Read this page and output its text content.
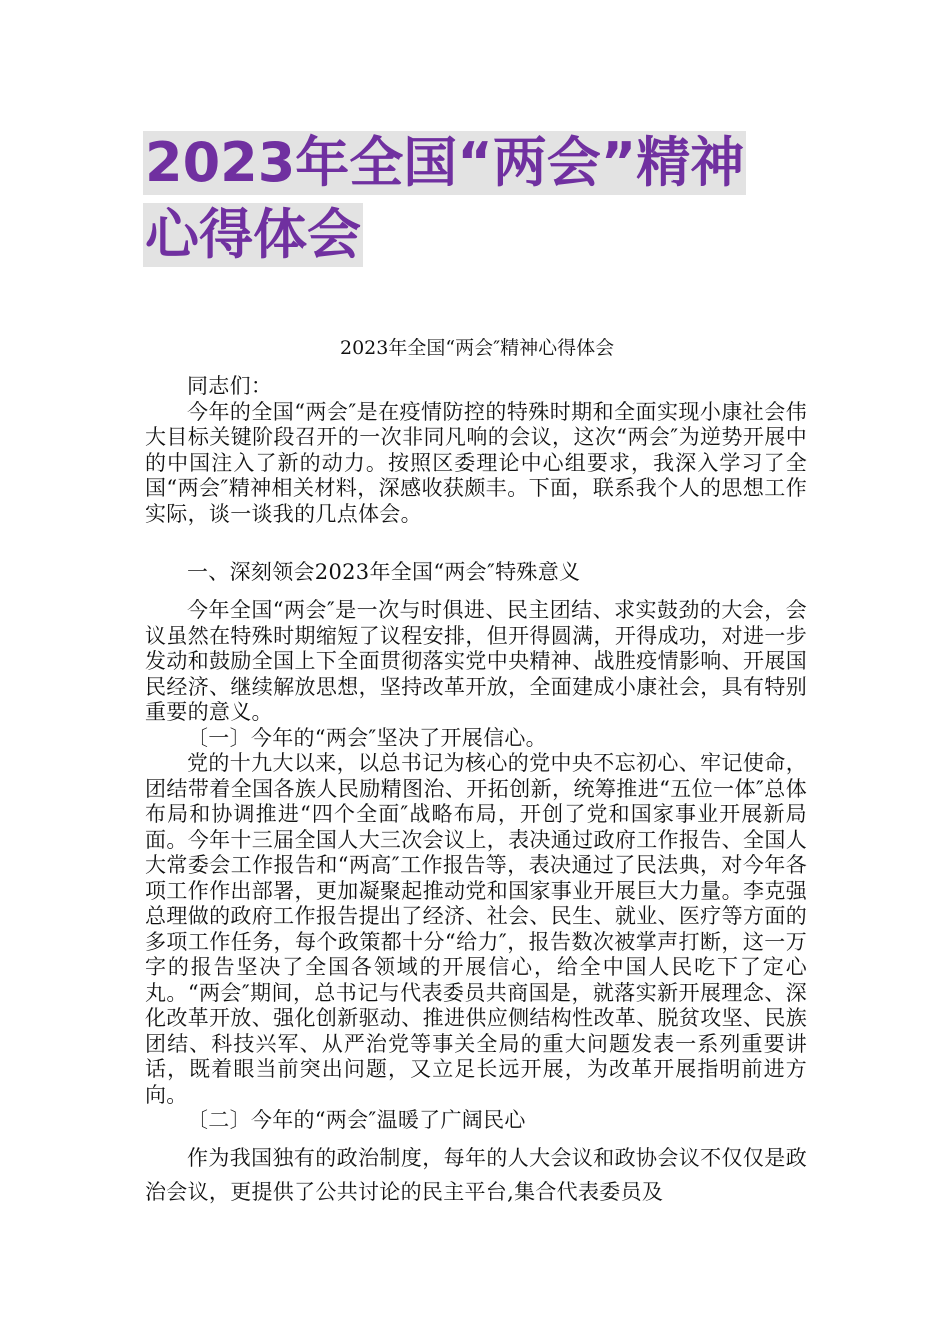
2023年全国“两会”精神
心得体会
2023年全国“两会″精神心得体会

同志们：

今年的全国“两会″是在疫情防控的特殊时期和全面实现小康社会伟大目标关键阶段召开的一次非同凡响的会议，这次“两会″为逆势开展中的中国注入了新的动力。按照区委理论中心组要求，我深入学习了全国“两会″精神相关材料，深感收获颇丰。下面，联系我个人的思想工作实际，谈一谈我的几点体会。

一、深刻领会2023年全国“两会″特殊意义

今年全国“两会″是一次与时俱进、民主团结、求实鼓劲的大会，会议虽然在特殊时期缩短了议程安排，但开得圆满，开得成功，对进一步发动和鼓励全国上下全面贯彻落实党中央精神、战胜疫情影响、开展国民经济、继续解放思想，坚持改革开放，全面建成小康社会，具有特别重要的意义。

〔一〕今年的“两会″坚决了开展信心。

党的十九大以来，以总书记为核心的党中央不忘初心、牢记使命，团结带着全国各族人民励精图治、开拓创新，统筹推进“五位一体″总体布局和协调推进“四个全面″战略布局，开创了党和国家事业开展新局面。今年十三届全国人大三次会议上，表决通过政府工作报告、全国人大常委会工作报告和“两高″工作报告等，表决通过了民法典，对今年各项工作作出部署，更加凝聚起推动党和国家事业开展巨大力量。李克强总理做的政府工作报告提出了经济、社会、民生、就业、医疗等方面的多项工作任务，每个政策都十分“给力″，报告数次被掌声打断，这一万字的报告坚决了全国各领域的开展信心，给全中国人民吃下了定心丸。“两会″期间，总书记与代表委员共商国是，就落实新开展理念、深化改革开放、强化创新驱动、推进供应侧结构性改革、脱贫攻坚、民族团结、科技兴军、从严治党等事关全局的重大问题发表一系列重要讲话，既着眼当前突出问题，又立足长远开展，为改革开展指明前进方向。

〔二〕今年的“两会″温暖了广阔民心

作为我国独有的政治制度，每年的人大会议和政协会议不仅仅是政治会议，更提供了公共讨论的民主平台,集合代表委员及
